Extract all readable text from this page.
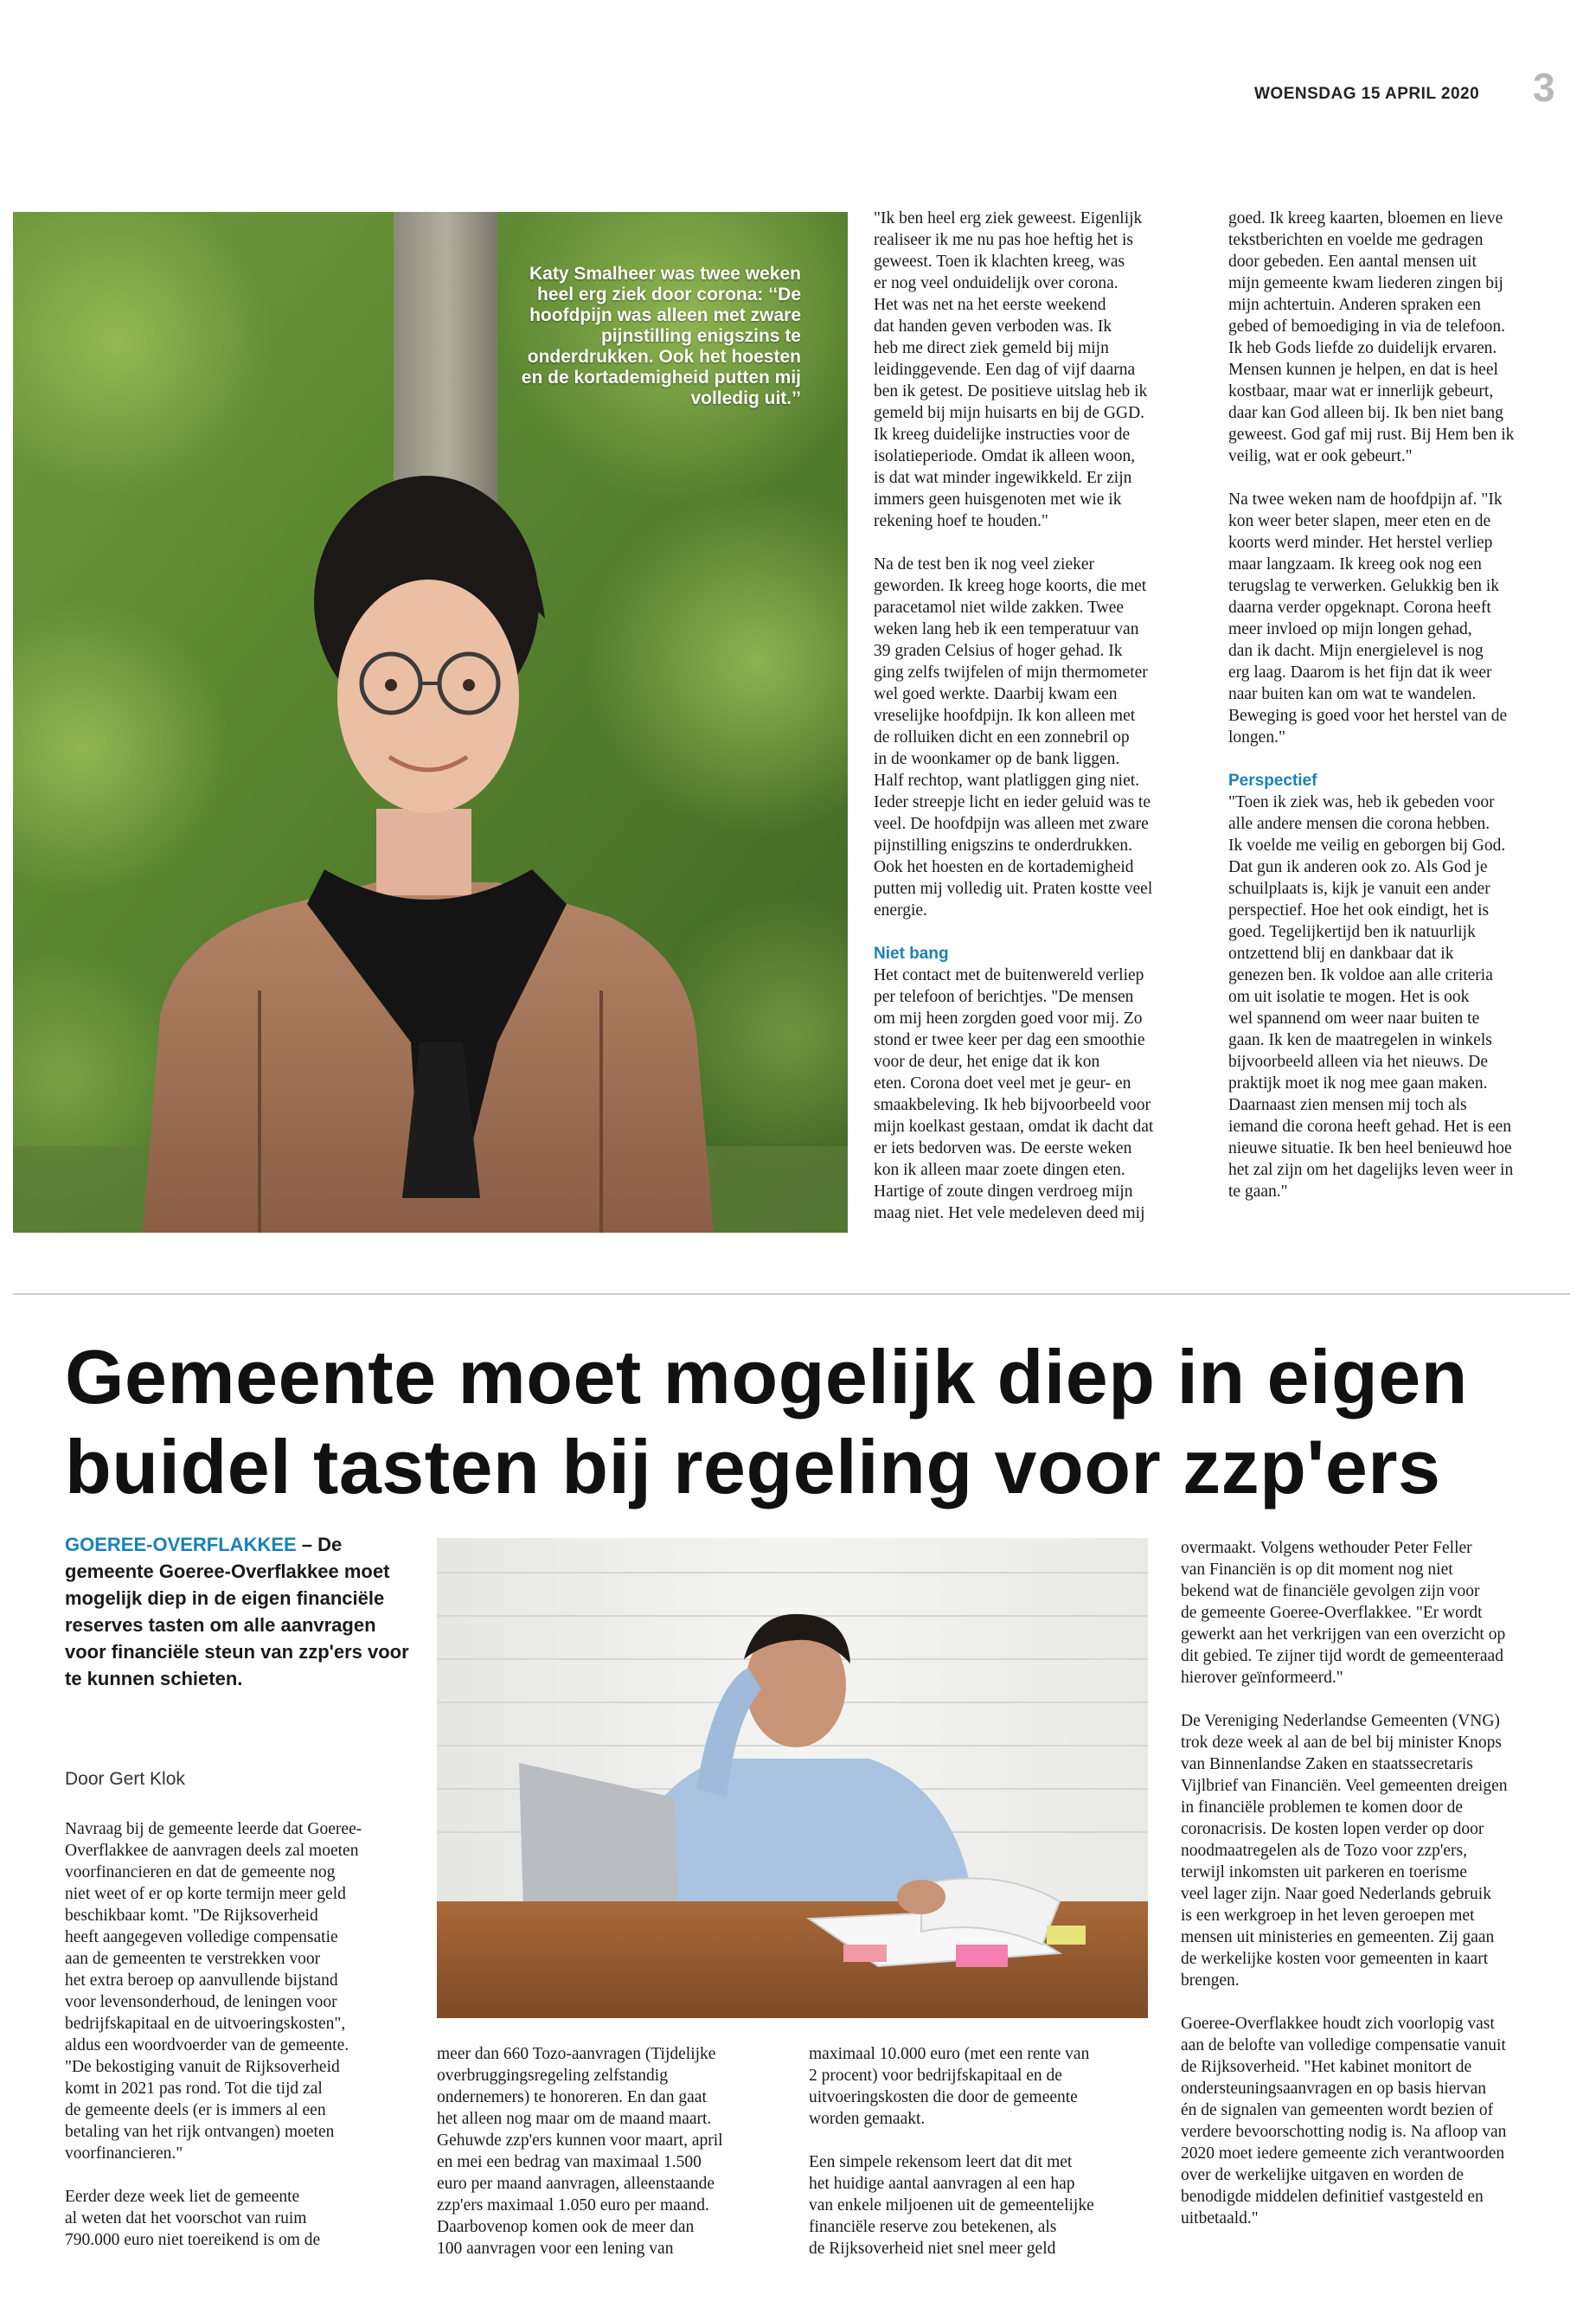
WOENSDAG 15 APRIL 2020 3
Katy Smalheer was twee weken heel erg ziek door corona: ‘‘De hoofdpijn was alleen met zware pijnstilling enigszins te onderdrukken. Ook het hoesten en de kortademigheid putten mij volledig uit.’’

"Ik ben heel erg ziek geweest. Eigenlijk
realiseer ik me nu pas hoe heftig het is
geweest. Toen ik klachten kreeg, was
er nog veel onduidelijk over corona.
Het was net na het eerste weekend
dat handen geven verboden was. Ik
heb me direct ziek gemeld bij mijn
leidinggevende. Een dag of vijf daarna
ben ik getest. De positieve uitslag heb ik
gemeld bij mijn huisarts en bij de GGD.
Ik kreeg duidelijke instructies voor de
isolatieperiode. Omdat ik alleen woon,
is dat wat minder ingewikkeld. Er zijn
immers geen huisgenoten met wie ik
rekening hoef te houden."

Na de test ben ik nog veel zieker
geworden. Ik kreeg hoge koorts, die met
paracetamol niet wilde zakken. Twee
weken lang heb ik een temperatuur van
39 graden Celsius of hoger gehad. Ik
ging zelfs twijfelen of mijn thermometer
wel goed werkte. Daarbij kwam een
vreselijke hoofdpijn. Ik kon alleen met
de rolluiken dicht en een zonnebril op
in de woonkamer op de bank liggen.
Half rechtop, want platliggen ging niet.
Ieder streepje licht en ieder geluid was te
veel. De hoofdpijn was alleen met zware
pijnstilling enigszins te onderdrukken.
Ook het hoesten en de kortademigheid
putten mij volledig uit. Praten kostte veel
energie.

Niet bang

Het contact met de buitenwereld verliep
per telefoon of berichtjes. "De mensen
om mij heen zorgden goed voor mij. Zo
stond er twee keer per dag een smoothie
voor de deur, het enige dat ik kon
eten. Corona doet veel met je geur- en
smaakbeleving. Ik heb bijvoorbeeld voor
mijn koelkast gestaan, omdat ik dacht dat
er iets bedorven was. De eerste weken
kon ik alleen maar zoete dingen eten.
Hartige of zoute dingen verdroeg mijn
maag niet. Het vele medeleven deed mij

goed. Ik kreeg kaarten, bloemen en lieve
tekstberichten en voelde me gedragen
door gebeden. Een aantal mensen uit
mijn gemeente kwam liederen zingen bij
mijn achtertuin. Anderen spraken een
gebed of bemoediging in via de telefoon.
Ik heb Gods liefde zo duidelijk ervaren.
Mensen kunnen je helpen, en dat is heel
kostbaar, maar wat er innerlijk gebeurt,
daar kan God alleen bij. Ik ben niet bang
geweest. God gaf mij rust. Bij Hem ben ik
veilig, wat er ook gebeurt."

Na twee weken nam de hoofdpijn af. "Ik
kon weer beter slapen, meer eten en de
koorts werd minder. Het herstel verliep
maar langzaam. Ik kreeg ook nog een
terugslag te verwerken. Gelukkig ben ik
daarna verder opgeknapt. Corona heeft
meer invloed op mijn longen gehad,
dan ik dacht. Mijn energielevel is nog
erg laag. Daarom is het fijn dat ik weer
naar buiten kan om wat te wandelen.
Beweging is goed voor het herstel van de
longen."

Perspectief

"Toen ik ziek was, heb ik gebeden voor
alle andere mensen die corona hebben.
Ik voelde me veilig en geborgen bij God.
Dat gun ik anderen ook zo. Als God je
schuilplaats is, kijk je vanuit een ander
perspectief. Hoe het ook eindigt, het is
goed. Tegelijkertijd ben ik natuurlijk
ontzettend blij en dankbaar dat ik
genezen ben. Ik voldoe aan alle criteria
om uit isolatie te mogen. Het is ook
wel spannend om weer naar buiten te
gaan. Ik ken de maatregelen in winkels
bijvoorbeeld alleen via het nieuws. De
praktijk moet ik nog mee gaan maken.
Daarnaast zien mensen mij toch als
iemand die corona heeft gehad. Het is een
nieuwe situatie. Ik ben heel benieuwd hoe
het zal zijn om het dagelijks leven weer in
te gaan."

Gemeente moet mogelijk diep in eigen buidel tasten bij regeling voor zzp'ers
GOEREE-OVERFLAKKEE – De gemeente Goeree-Overflakkee moet mogelijk diep in de eigen financiële reserves tasten om alle aanvragen voor financiële steun van zzp'ers voor te kunnen schieten.
Door Gert Klok

Navraag bij de gemeente leerde dat Goeree-
Overflakkee de aanvragen deels zal moeten
voorfinancieren en dat de gemeente nog
niet weet of er op korte termijn meer geld
beschikbaar komt. "De Rijksoverheid
heeft aangegeven volledige compensatie
aan de gemeenten te verstrekken voor
het extra beroep op aanvullende bijstand
voor levensonderhoud, de leningen voor
bedrijfskapitaal en de uitvoeringskosten",
aldus een woordvoerder van de gemeente.
"De bekostiging vanuit de Rijksoverheid
komt in 2021 pas rond. Tot die tijd zal
de gemeente deels (er is immers al een
betaling van het rijk ontvangen) moeten
voorfinancieren."

Eerder deze week liet de gemeente
al weten dat het voorschot van ruim
790.000 euro niet toereikend is om de

meer dan 660 Tozo-aanvragen (Tijdelijke
overbruggingsregeling zelfstandig
ondernemers) te honoreren. En dan gaat
het alleen nog maar om de maand maart.
Gehuwde zzp'ers kunnen voor maart, april
en mei een bedrag van maximaal 1.500
euro per maand aanvragen, alleenstaande
zzp'ers maximaal 1.050 euro per maand.
Daarbovenop komen ook de meer dan
100 aanvragen voor een lening van

maximaal 10.000 euro (met een rente van
2 procent) voor bedrijfskapitaal en de
uitvoeringskosten die door de gemeente
worden gemaakt.

Een simpele rekensom leert dat dit met
het huidige aantal aanvragen al een hap
van enkele miljoenen uit de gemeentelijke
financiële reserve zou betekenen, als
de Rijksoverheid niet snel meer geld

overmaakt. Volgens wethouder Peter Feller
van Financiën is op dit moment nog niet
bekend wat de financiële gevolgen zijn voor
de gemeente Goeree-Overflakkee. "Er wordt
gewerkt aan het verkrijgen van een overzicht op
dit gebied. Te zijner tijd wordt de gemeenteraad
hierover geïnformeerd."

De Vereniging Nederlandse Gemeenten (VNG)
trok deze week al aan de bel bij minister Knops
van Binnenlandse Zaken en staatssecretaris
Vijlbrief van Financiën. Veel gemeenten dreigen
in financiële problemen te komen door de
coronacrisis. De kosten lopen verder op door
noodmaatregelen als de Tozo voor zzp'ers,
terwijl inkomsten uit parkeren en toerisme
veel lager zijn. Naar goed Nederlands gebruik
is een werkgroep in het leven geroepen met
mensen uit ministeries en gemeenten. Zij gaan
de werkelijke kosten voor gemeenten in kaart
brengen.

Goeree-Overflakkee houdt zich voorlopig vast
aan de belofte van volledige compensatie vanuit
de Rijksoverheid. "Het kabinet monitort de
ondersteuningsaanvragen en op basis hiervan
én de signalen van gemeenten wordt bezien of
verdere bevoorschotting nodig is. Na afloop van
2020 moet iedere gemeente zich verantwoorden
over de werkelijke uitgaven en worden de
benodigde middelen definitief vastgesteld en
uitbetaald."
